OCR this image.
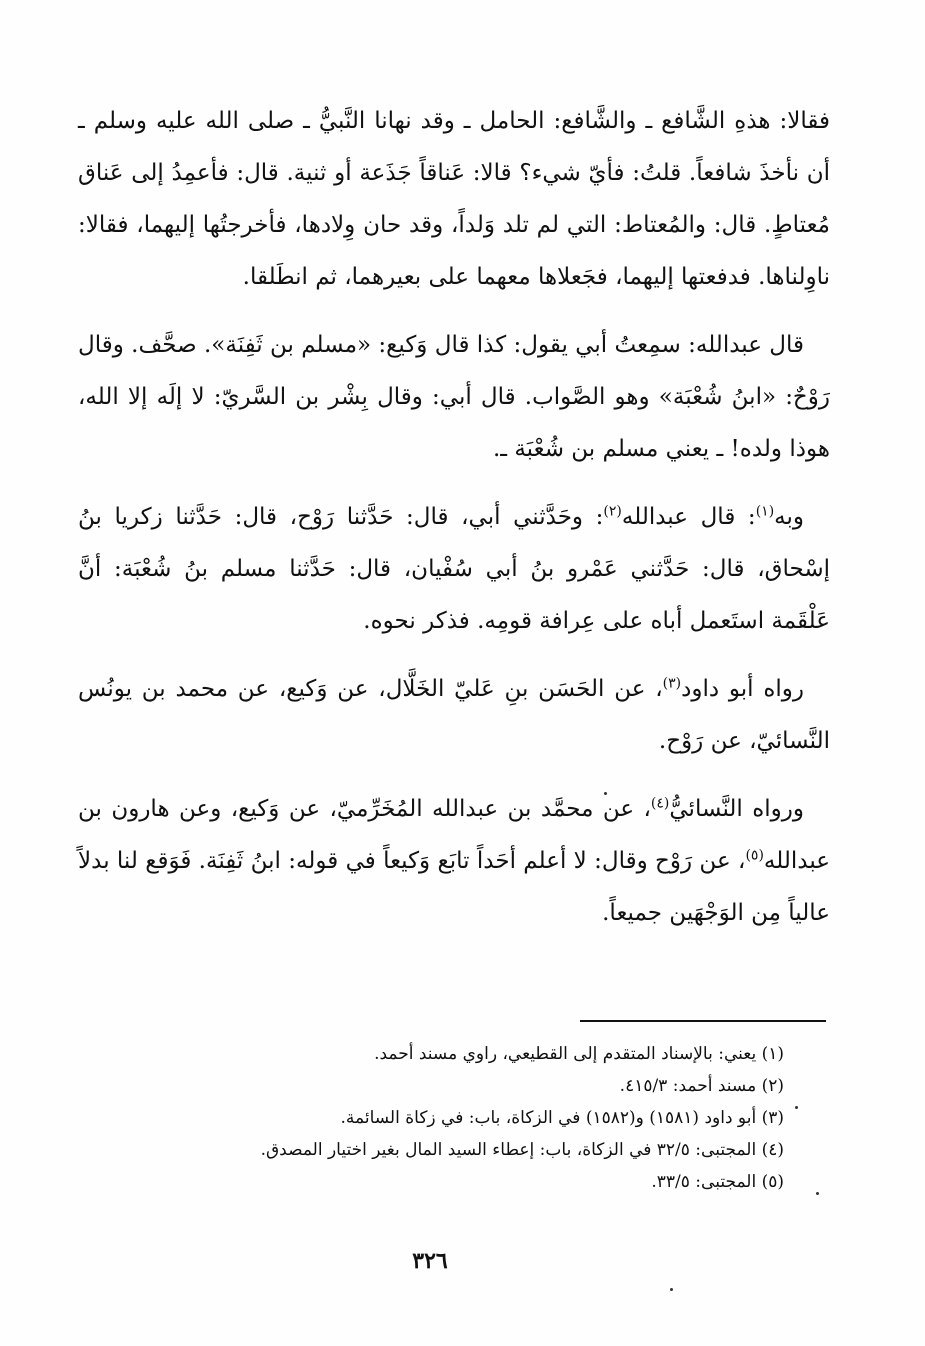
فقالا: هذهِ الشَّافع ـ والشَّافع: الحامل ـ وقد نهانا النَّبيُّ ـ صلى الله عليه وسلم ـ أن نأخذَ شافعاً. قلتُ: فأيّ شيء؟ قالا: عَناقاً جَذَعة أو ثنية. قال: فأعمِدُ إلى عَناق مُعتاطٍ. قال: والمُعتاط: التي لم تلد وَلداً، وقد حان وِلادها، فأخرجتُها إليهما، فقالا: ناوِلناها. فدفعتها إليهما، فجَعلاها معهما على بعيرهما، ثم انطَلقا.

قال عبدالله: سمِعتُ أبي يقول: كذا قال وَكيع: «مسلم بن ثَفِنَة». صحَّف. وقال رَوْحٌ: «ابنُ شُعْبَة» وهو الصَّواب. قال أبي: وقال بِشْر بن السَّريّ: لا إلَه إلا الله، هوذا ولده! ـ يعني مسلم بن شُعْبَة ـ.

وبه$^{(١)}$: قال عبدالله$^{(٢)}$: وحَدَّثني أبي، قال: حَدَّثنا رَوْح، قال: حَدَّثنا زكريا بنُ إسْحاق، قال: حَدَّثني عَمْرو بنُ أبي سُفْيان، قال: حَدَّثنا مسلم بنُ شُعْبَة: أنَّ عَلْقَمة استَعمل أباه على عِرافة قومِه. فذكر نحوه.

رواه أبو داود$^{(٣)}$، عن الحَسَن بنِ عَليّ الخَلَّال، عن وَكيع، عن محمد بن يونُس النَّسائيّ، عن رَوْح.

ورواه النَّسائيُّ$^{(٤)}$، عن محمَّد بن عبدالله المُخَرِّميّ، عن وَكيع، وعن هارون بن عبدالله$^{(٥)}$، عن رَوْح وقال: لا أعلم أحَداً تابَع وَكيعاً في قوله: ابنُ ثَفِنَة. فَوَقع لنا بدلاً عالياً مِن الوَجْهَين جميعاً.

(١) يعني: بالإسناد المتقدم إلى القطيعي، راوي مسند أحمد.

(٢) مسند أحمد: ٤١٥/٣.

(٣) أبو داود (١٥٨١) و(١٥٨٢) في الزكاة، باب: في زكاة السائمة.

(٤) المجتبى: ٣٢/٥ في الزكاة، باب: إعطاء السيد المال بغير اختيار المصدق.

(٥) المجتبى: ٣٣/٥.

٣٢٦
